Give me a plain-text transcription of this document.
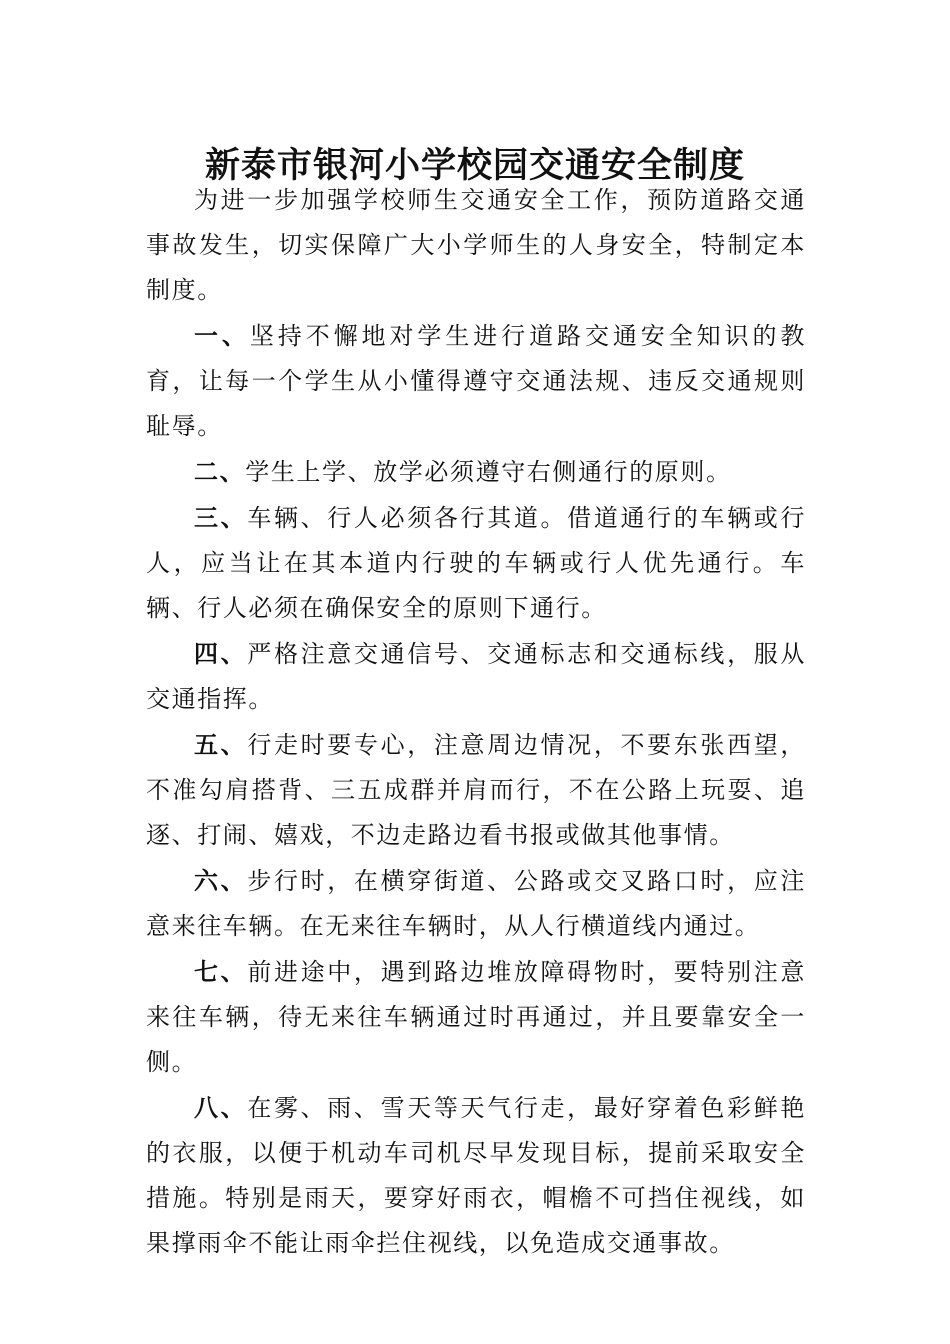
新泰市银河小学校园交通安全制度

为进一步加强学校师生交通安全工作，预防道路交通事故发生，切实保障广大小学师生的人身安全，特制定本制度。

一、坚持不懈地对学生进行道路交通安全知识的教育，让每一个学生从小懂得遵守交通法规、违反交通规则耻辱。

二、学生上学、放学必须遵守右侧通行的原则。

三、车辆、行人必须各行其道。借道通行的车辆或行人，应当让在其本道内行驶的车辆或行人优先通行。车辆、行人必须在确保安全的原则下通行。

四、严格注意交通信号、交通标志和交通标线，服从交通指挥。

五、行走时要专心，注意周边情况，不要东张西望，不准勾肩搭背、三五成群并肩而行，不在公路上玩耍、追逐、打闹、嬉戏，不边走路边看书报或做其他事情。

六、步行时，在横穿街道、公路或交叉路口时，应注意来往车辆。在无来往车辆时，从人行横道线内通过。

七、前进途中，遇到路边堆放障碍物时，要特别注意来往车辆，待无来往车辆通过时再通过，并且要靠安全一侧。

八、在雾、雨、雪天等天气行走，最好穿着色彩鲜艳的衣服，以便于机动车司机尽早发现目标，提前采取安全措施。特别是雨天，要穿好雨衣，帽檐不可挡住视线，如果撑雨伞不能让雨伞拦住视线，以免造成交通事故。
